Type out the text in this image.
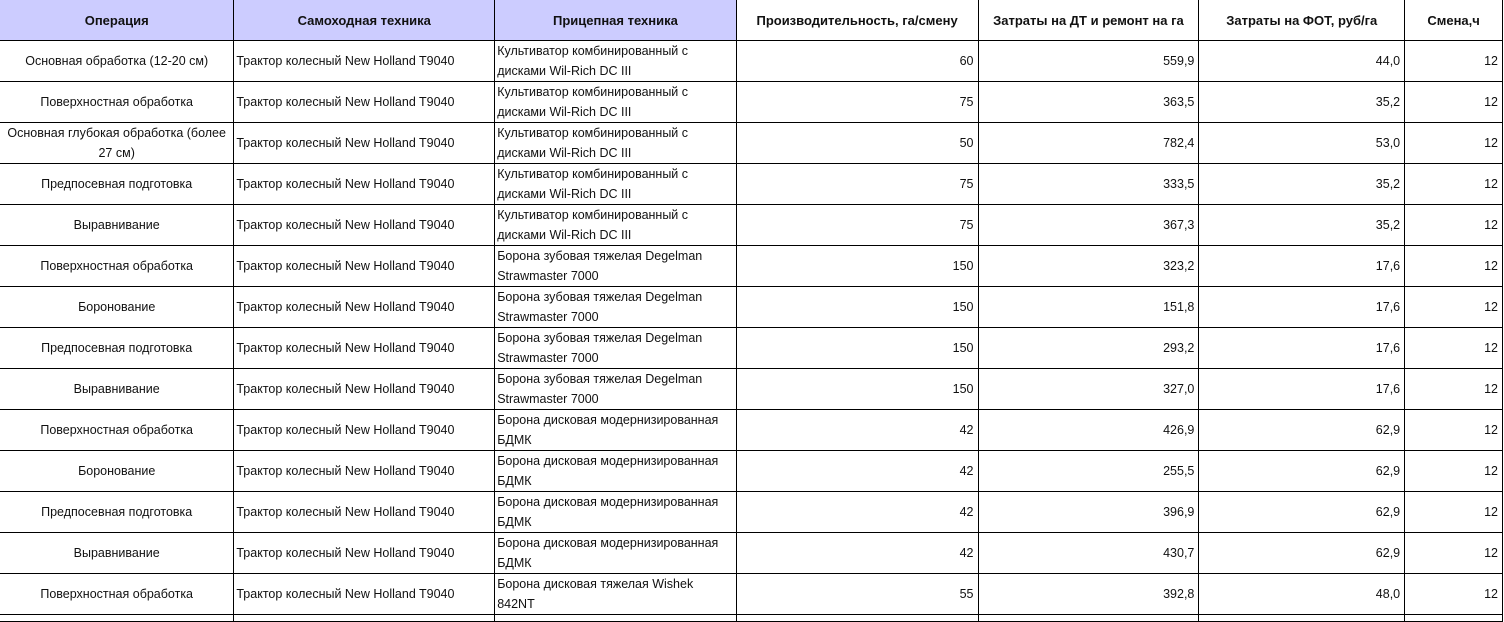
Операция	Самоходная техника	Прицепная техника	Производительность, га/смену	Затраты на ДТ и ремонт на га	Затраты на ФОТ, руб/га	Смена,ч
Основная обработка (12-20 см)	Трактор колесный New Holland T9040	Культиватор комбинированный с дисками Wil-Rich DC III	60	559,9	44,0	12
Поверхностная обработка	Трактор колесный New Holland T9040	Культиватор комбинированный с дисками Wil-Rich DC III	75	363,5	35,2	12
Основная глубокая обработка (более 27 см)	Трактор колесный New Holland T9040	Культиватор комбинированный с дисками Wil-Rich DC III	50	782,4	53,0	12
Предпосевная подготовка	Трактор колесный New Holland T9040	Культиватор комбинированный с дисками Wil-Rich DC III	75	333,5	35,2	12
Выравнивание	Трактор колесный New Holland T9040	Культиватор комбинированный с дисками Wil-Rich DC III	75	367,3	35,2	12
Поверхностная обработка	Трактор колесный New Holland T9040	Борона зубовая тяжелая Degelman Strawmaster 7000	150	323,2	17,6	12
Боронование	Трактор колесный New Holland T9040	Борона зубовая тяжелая Degelman Strawmaster 7000	150	151,8	17,6	12
Предпосевная подготовка	Трактор колесный New Holland T9040	Борона зубовая тяжелая Degelman Strawmaster 7000	150	293,2	17,6	12
Выравнивание	Трактор колесный New Holland T9040	Борона зубовая тяжелая Degelman Strawmaster 7000	150	327,0	17,6	12
Поверхностная обработка	Трактор колесный New Holland T9040	Борона дисковая модернизированная БДМК	42	426,9	62,9	12
Боронование	Трактор колесный New Holland T9040	Борона дисковая модернизированная БДМК	42	255,5	62,9	12
Предпосевная подготовка	Трактор колесный New Holland T9040	Борона дисковая модернизированная БДМК	42	396,9	62,9	12
Выравнивание	Трактор колесный New Holland T9040	Борона дисковая модернизированная БДМК	42	430,7	62,9	12
Поверхностная обработка	Трактор колесный New Holland T9040	Борона дисковая тяжелая Wishek 842NT	55	392,8	48,0	12
